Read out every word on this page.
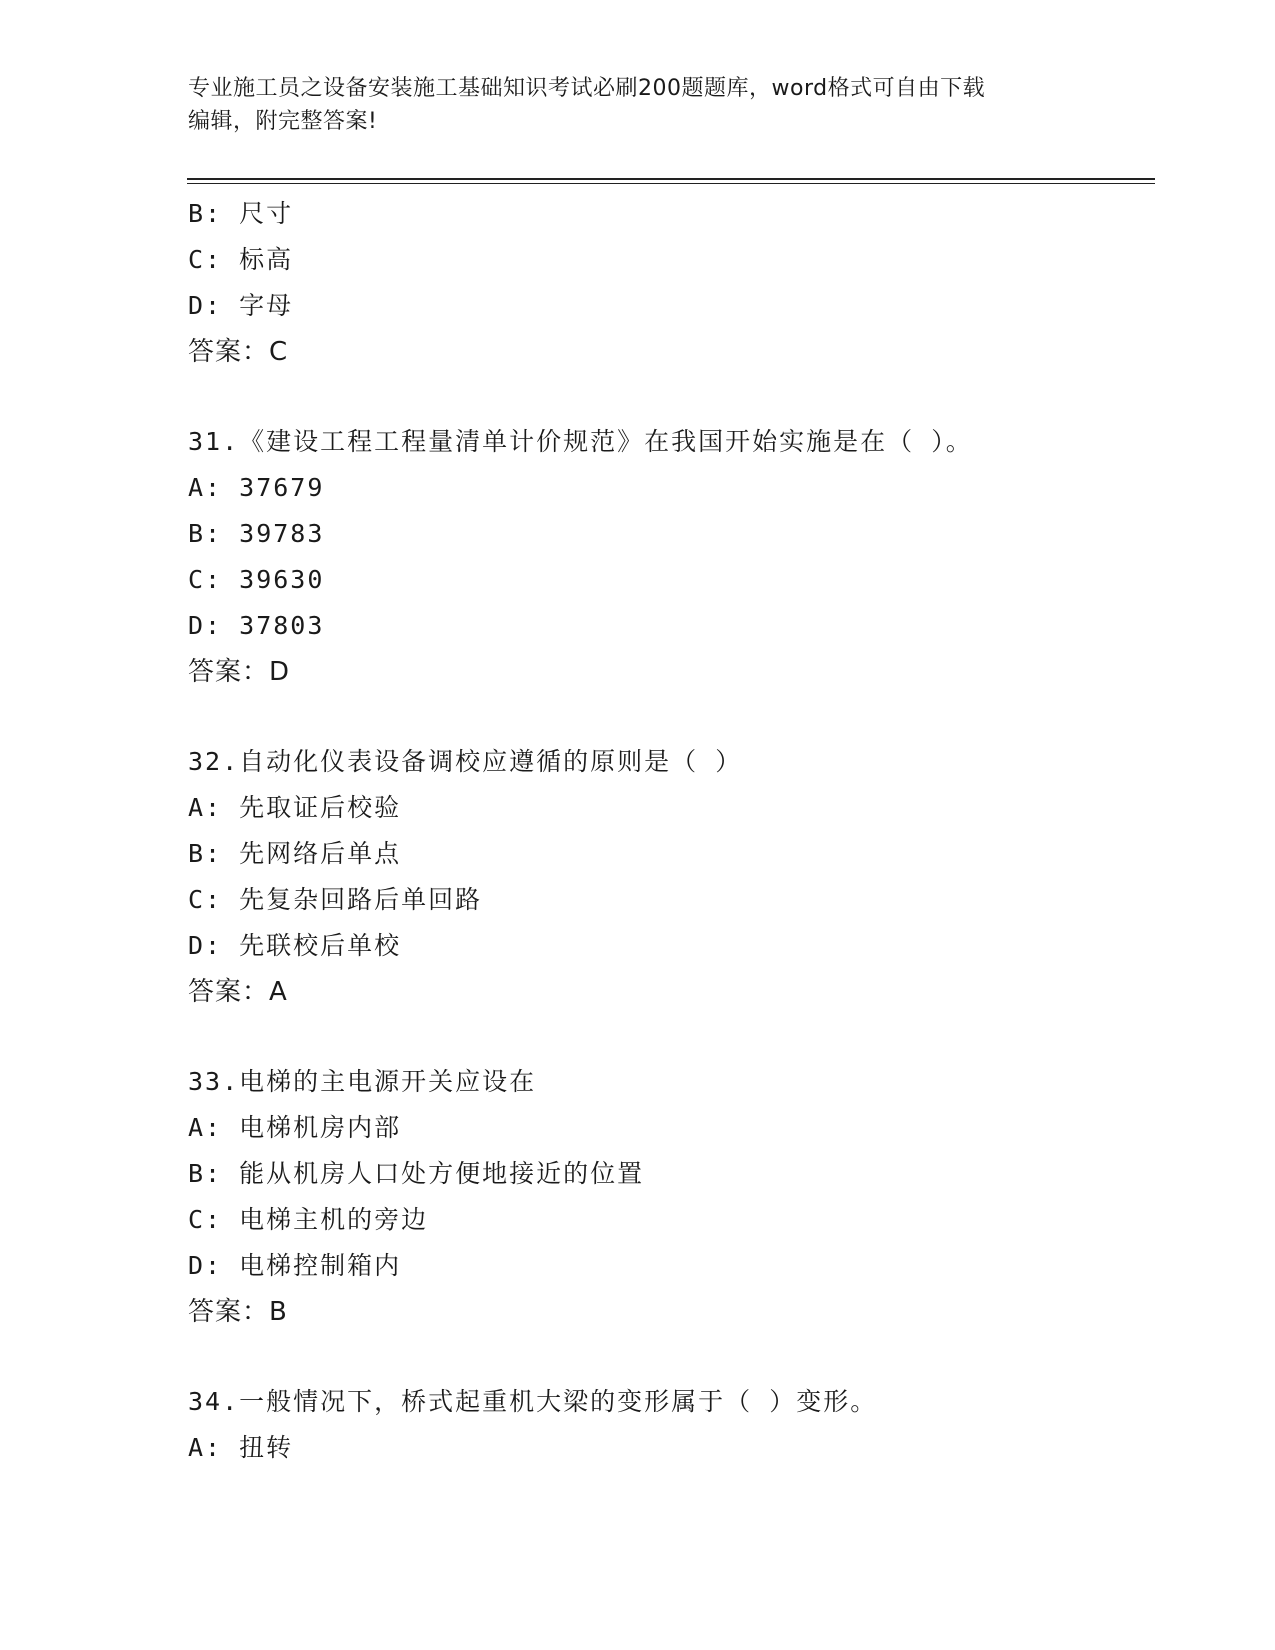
专业施工员之设备安装施工基础知识考试必刷200题题库，word格式可自由下载
编辑，附完整答案!
B: 尺寸
C: 标高
D: 字母
答案：C
31.《建设工程工程量清单计价规范》在我国开始实施是在（ ）。
A: 37679
B: 39783
C: 39630
D: 37803
答案：D
32.自动化仪表设备调校应遵循的原则是（ ）
A: 先取证后校验
B: 先网络后单点
C: 先复杂回路后单回路
D: 先联校后单校
答案：A
33.电梯的主电源开关应设在
A: 电梯机房内部
B: 能从机房人口处方便地接近的位置
C: 电梯主机的旁边
D: 电梯控制箱内
答案：B
34.一般情况下，桥式起重机大梁的变形属于（ ）变形。
A: 扭转
